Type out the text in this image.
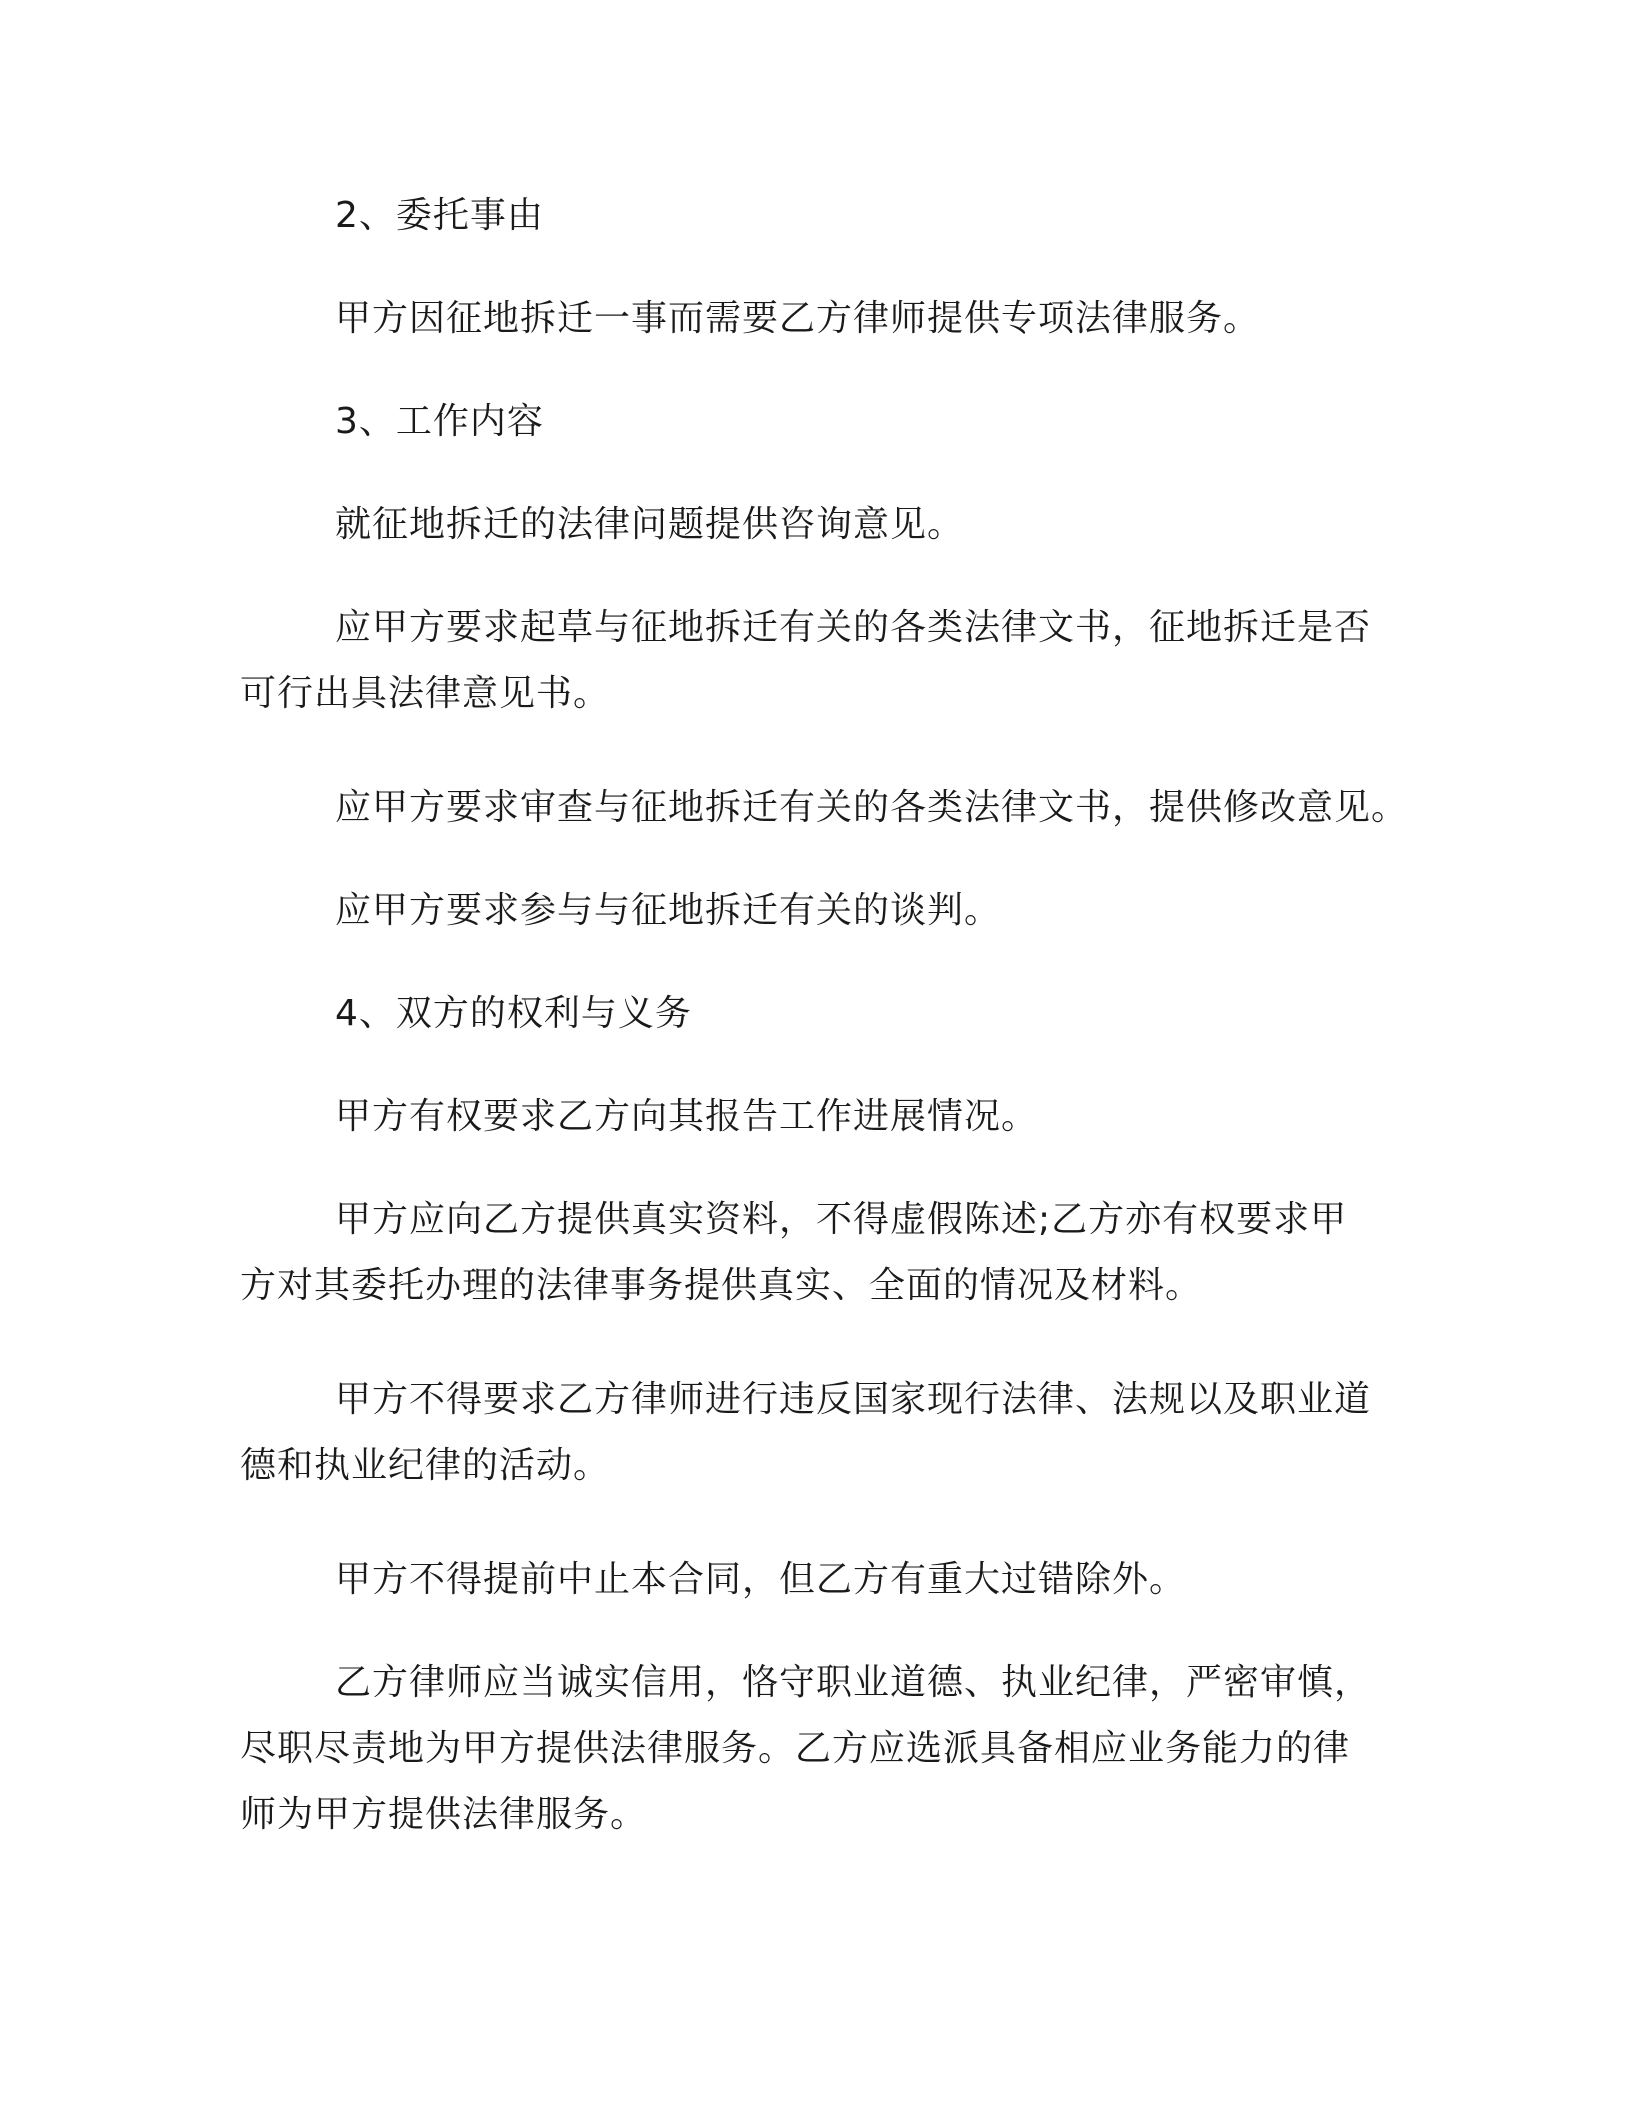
2、委托事由

甲方因征地拆迁一事而需要乙方律师提供专项法律服务。

3、工作内容

就征地拆迁的法律问题提供咨询意见。

应甲方要求起草与征地拆迁有关的各类法律文书，征地拆迁是否
可行出具法律意见书。

应甲方要求审查与征地拆迁有关的各类法律文书，提供修改意见。

应甲方要求参与与征地拆迁有关的谈判。

4、双方的权利与义务

甲方有权要求乙方向其报告工作进展情况。

甲方应向乙方提供真实资料，不得虚假陈述;乙方亦有权要求甲
方对其委托办理的法律事务提供真实、全面的情况及材料。

甲方不得要求乙方律师进行违反国家现行法律、法规以及职业道
德和执业纪律的活动。

甲方不得提前中止本合同，但乙方有重大过错除外。

乙方律师应当诚实信用，恪守职业道德、执业纪律，严密审慎，
尽职尽责地为甲方提供法律服务。乙方应选派具备相应业务能力的律
师为甲方提供法律服务。
